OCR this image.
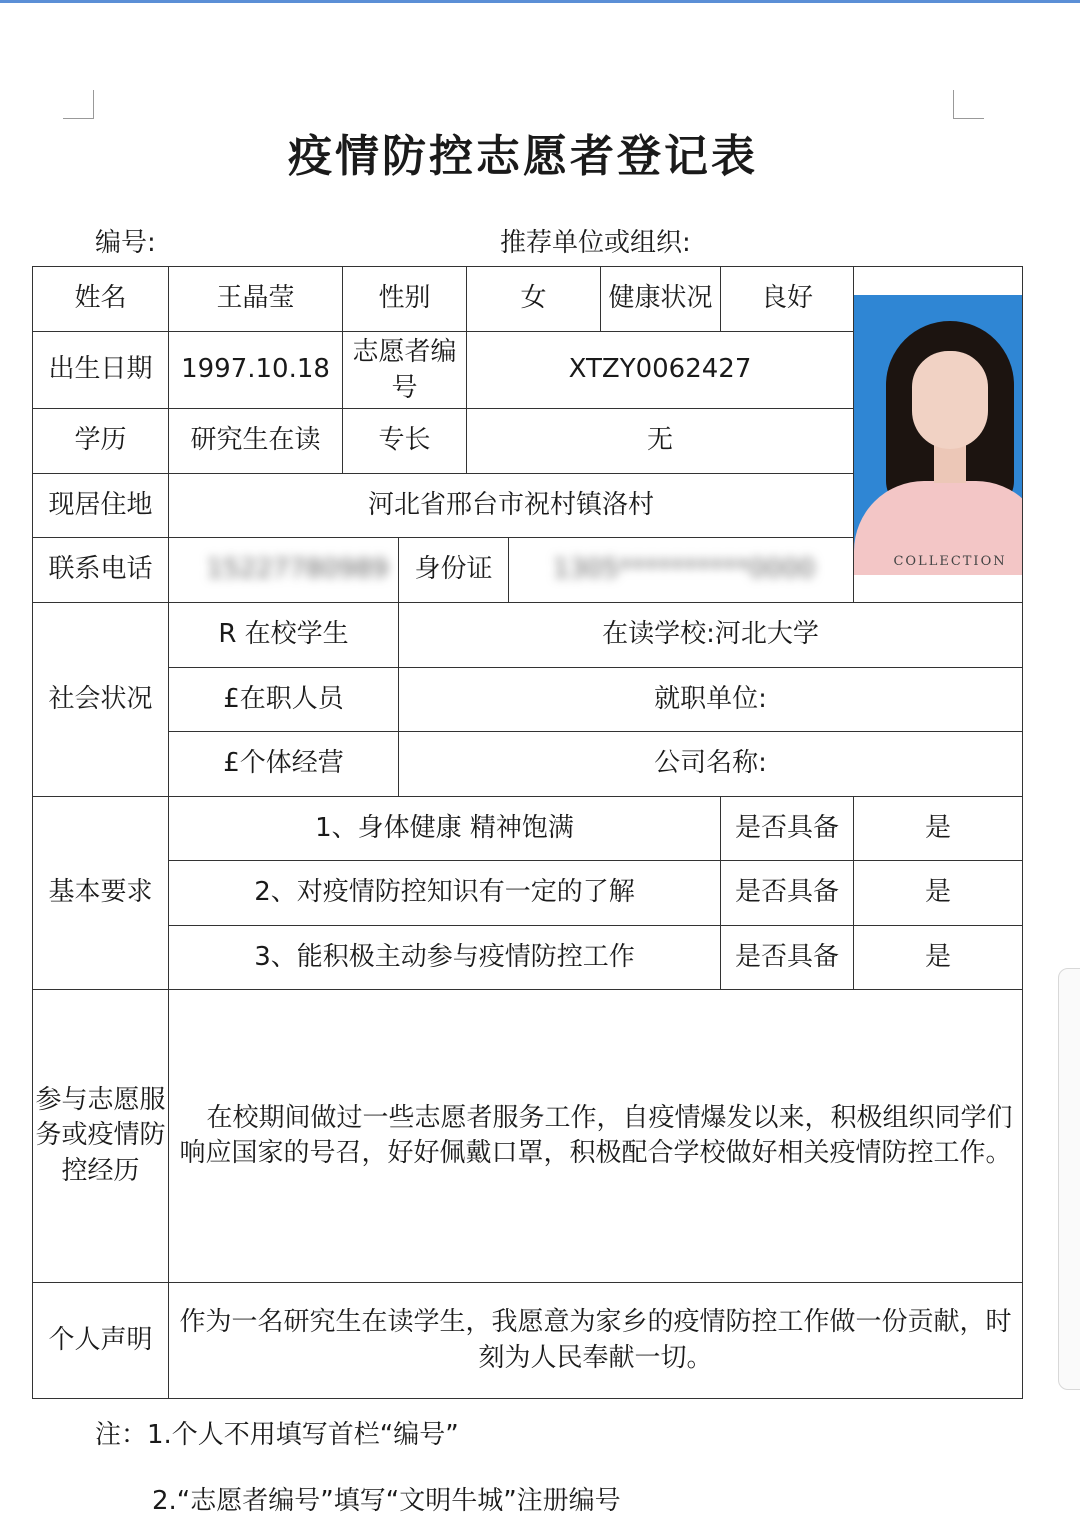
疫情防控志愿者登记表
编号:	推荐单位或组织:
姓名	王晶莹	性别		女		健康状况	良好	COLLECTION

出生日期	1997.10.18	志愿者编号		XTZY0062427				
学历	研究生在读	专长		无				
现居住地	河北省邢台市祝村镇洛村							
联系电话	15227780989		身份证		1305**********0000			
社会状况	R 在校学生		在读学校:河北大学					
	£在职人员		就职单位:					
	£个体经营		公司名称:					
基本要求	1、身体健康 精神饱满						是否具备	是
	2、对疫情防控知识有一定的了解						是否具备	是
	3、能积极主动参与疫情防控工作						是否具备	是
参与志愿服务或疫情防控经历	在校期间做过一些志愿者服务工作，自疫情爆发以来，积极组织同学们响应国家的号召，好好佩戴口罩，积极配合学校做好相关疫情防控工作。							
个人声明	作为一名研究生在读学生，我愿意为家乡的疫情防控工作做一份贡献，时刻为人民奉献一切。							
注：1.个人不用填写首栏“编号”
2.“志愿者编号”填写“文明牛城”注册编号
